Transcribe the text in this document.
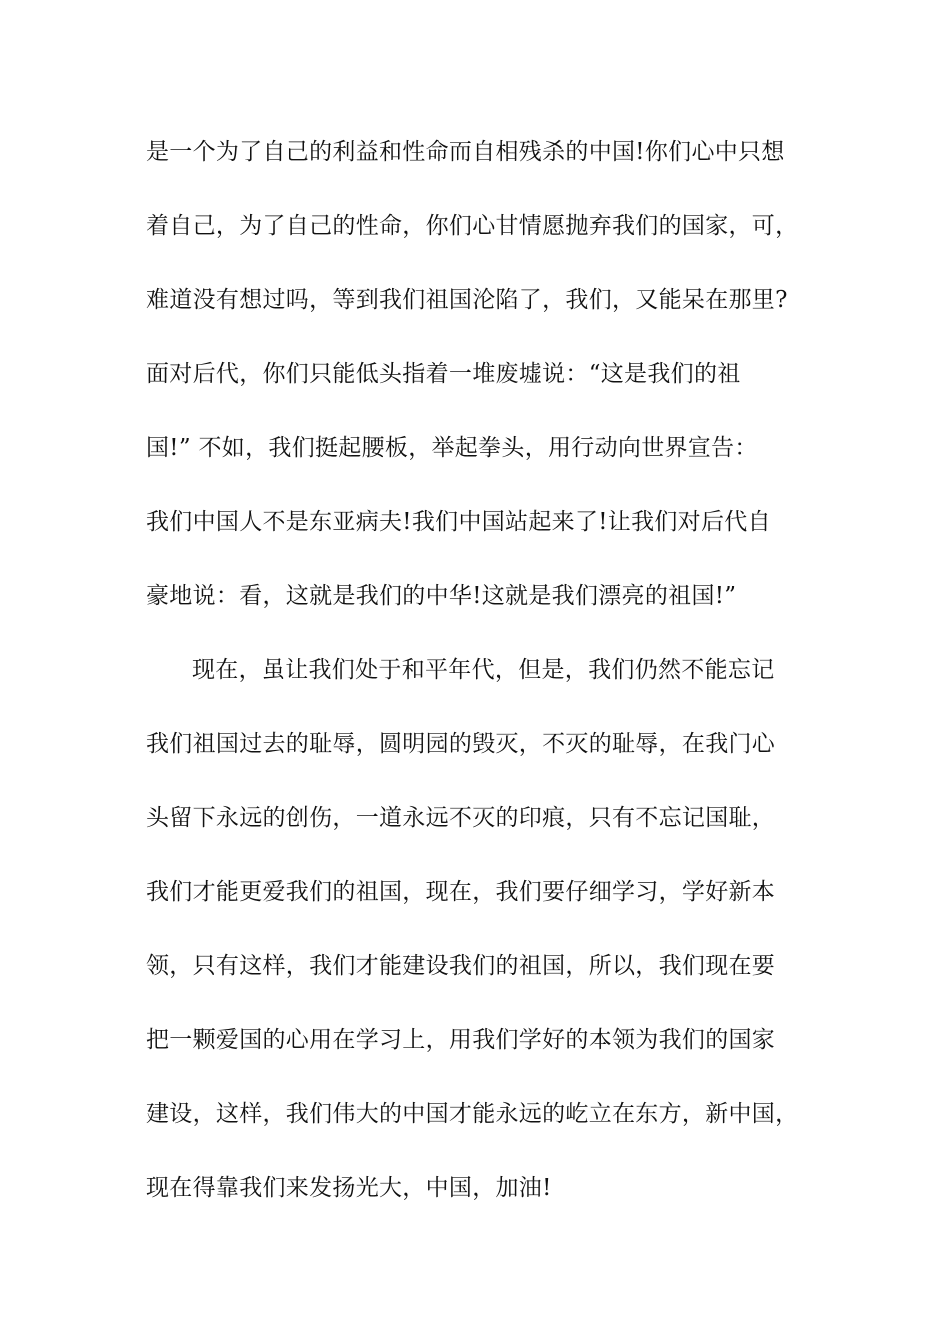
是一个为了自己的利益和性命而自相残杀的中国!你们心中只想
着自己，为了自己的性命，你们心甘情愿抛弃我们的国家，可，
难道没有想过吗，等到我们祖国沦陷了，我们，又能呆在那里?
面对后代，你们只能低头指着一堆废墟说：“这是我们的祖
国!” 不如，我们挺起腰板，举起拳头，用行动向世界宣告：
我们中国人不是东亚病夫!我们中国站起来了!让我们对后代自
豪地说：看，这就是我们的中华!这就是我们漂亮的祖国!”
现在，虽让我们处于和平年代，但是，我们仍然不能忘记
我们祖国过去的耻辱，圆明园的毁灭，不灭的耻辱，在我门心
头留下永远的创伤，一道永远不灭的印痕，只有不忘记国耻，
我们才能更爱我们的祖国，现在，我们要仔细学习，学好新本
领，只有这样，我们才能建设我们的祖国，所以，我们现在要
把一颗爱国的心用在学习上，用我们学好的本领为我们的国家
建设，这样，我们伟大的中国才能永远的屹立在东方，新中国，
现在得靠我们来发扬光大，中国，加油!
